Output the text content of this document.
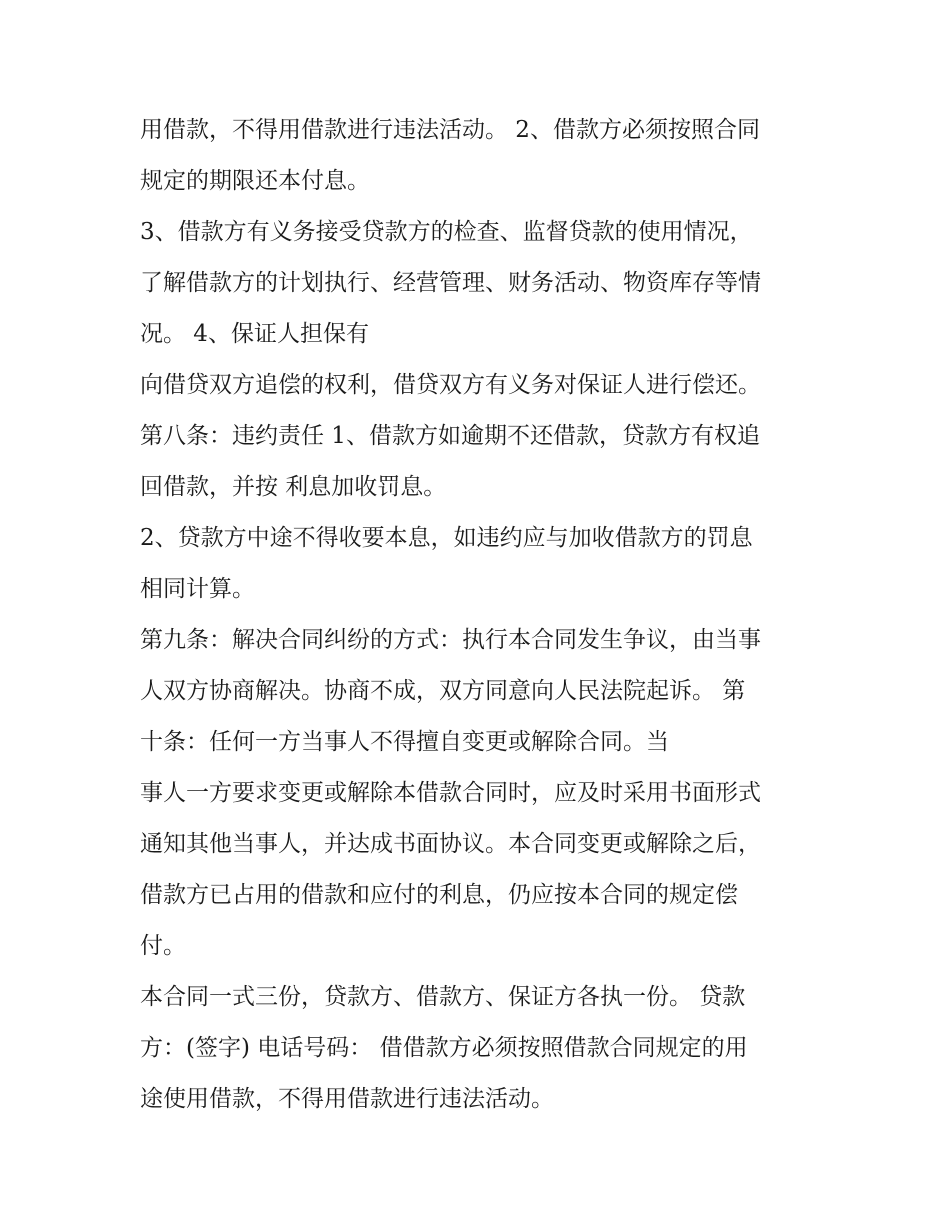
用借款，不得用借款进行违法活动。 2、借款方必须按照合同
规定的期限还本付息。
3、借款方有义务接受贷款方的检查、监督贷款的使用情况，
了解借款方的计划执行、经营管理、财务活动、物资库存等情
况。 4、保证人担保有
向借贷双方追偿的权利，借贷双方有义务对保证人进行偿还。
第八条：违约责任 1、借款方如逾期不还借款，贷款方有权追
回借款，并按 利息加收罚息。
2、贷款方中途不得收要本息，如违约应与加收借款方的罚息
相同计算。
第九条：解决合同纠纷的方式：执行本合同发生争议，由当事
人双方协商解决。协商不成，双方同意向人民法院起诉。 第
十条：任何一方当事人不得擅自变更或解除合同。当
事人一方要求变更或解除本借款合同时，应及时采用书面形式
通知其他当事人，并达成书面协议。本合同变更或解除之后，
借款方已占用的借款和应付的利息，仍应按本合同的规定偿
付。
本合同一式三份，贷款方、借款方、保证方各执一份。 贷款
方：(签字) 电话号码： 借借款方必须按照借款合同规定的用
途使用借款，不得用借款进行违法活动。
